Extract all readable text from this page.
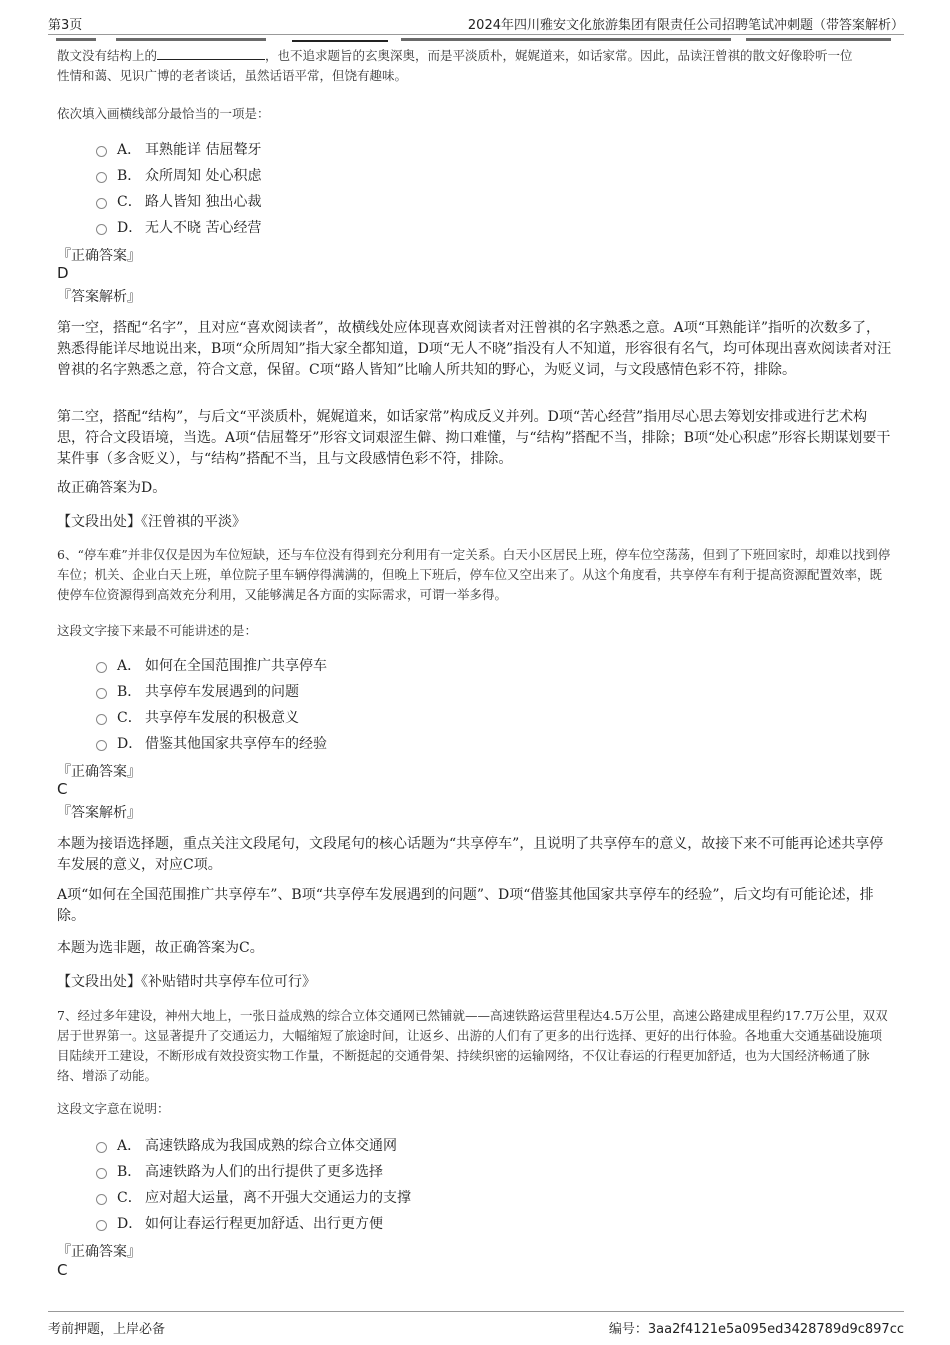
第3页	2024年四川雅安文化旅游集团有限责任公司招聘笔试冲刺题（带答案解析）
散文没有结构上的	，也不追求题旨的玄奥深奥，而是平淡质朴，娓娓道来，如话家常。因此，品读汪曾祺的散文好像聆听一位
性情和蔼、见识广博的老者谈话，虽然话语平常，但饶有趣味。
依次填入画横线部分最恰当的一项是：
A． 耳熟能详 佶屈聱牙
B． 众所周知 处心积虑
C． 路人皆知 独出心裁
D． 无人不晓 苦心经营
『正确答案』
D
『答案解析』
第一空，搭配“名字”，且对应“喜欢阅读者”，故横线处应体现喜欢阅读者对汪曾祺的名字熟悉之意。A项“耳熟能详”指听的次数多了，熟悉得能详尽地说出来，B项“众所周知”指大家全都知道，D项“无人不晓”指没有人不知道，形容很有名气，均可体现出喜欢阅读者对汪曾祺的名字熟悉之意，符合文意，保留。C项“路人皆知”比喻人所共知的野心，为贬义词，与文段感情色彩不符，排除。
第二空，搭配“结构”，与后文“平淡质朴，娓娓道来，如话家常”构成反义并列。D项“苦心经营”指用尽心思去筹划安排或进行艺术构思，符合文段语境，当选。A项“佶屈聱牙”形容文词艰涩生僻、拗口难懂，与“结构”搭配不当，排除；B项“处心积虑”形容长期谋划要干某件事（多含贬义），与“结构”搭配不当，且与文段感情色彩不符，排除。
故正确答案为D。
【文段出处】《汪曾祺的平淡》
6、“停车难”并非仅仅是因为车位短缺，还与车位没有得到充分利用有一定关系。白天小区居民上班，停车位空荡荡，但到了下班回家时，却难以找到停车位；机关、企业白天上班，单位院子里车辆停得满满的，但晚上下班后，停车位又空出来了。从这个角度看，共享停车有利于提高资源配置效率，既使停车位资源得到高效充分利用，又能够满足各方面的实际需求，可谓一举多得。
这段文字接下来最不可能讲述的是：
A． 如何在全国范围推广共享停车
B． 共享停车发展遇到的问题
C． 共享停车发展的积极意义
D． 借鉴其他国家共享停车的经验
『正确答案』
C
『答案解析』
本题为接语选择题，重点关注文段尾句，文段尾句的核心话题为“共享停车”，且说明了共享停车的意义，故接下来不可能再论述共享停车发展的意义，对应C项。
A项“如何在全国范围推广共享停车”、B项“共享停车发展遇到的问题”、D项“借鉴其他国家共享停车的经验”，后文均有可能论述，排除。
本题为选非题，故正确答案为C。
【文段出处】《补贴错时共享停车位可行》
7、经过多年建设，神州大地上，一张日益成熟的综合立体交通网已然铺就——高速铁路运营里程达4.5万公里，高速公路建成里程约17.7万公里，双双居于世界第一。这显著提升了交通运力，大幅缩短了旅途时间，让返乡、出游的人们有了更多的出行选择、更好的出行体验。各地重大交通基础设施项目陆续开工建设，不断形成有效投资实物工作量，不断挺起的交通骨架、持续织密的运输网络，不仅让春运的行程更加舒适，也为大国经济畅通了脉络、增添了动能。
这段文字意在说明：
A． 高速铁路成为我国成熟的综合立体交通网
B． 高速铁路为人们的出行提供了更多选择
C． 应对超大运量，离不开强大交通运力的支撑
D． 如何让春运行程更加舒适、出行更方便
『正确答案』
C
考前押题，上岸必备	编号：3aa2f4121e5a095ed3428789d9c897cc
